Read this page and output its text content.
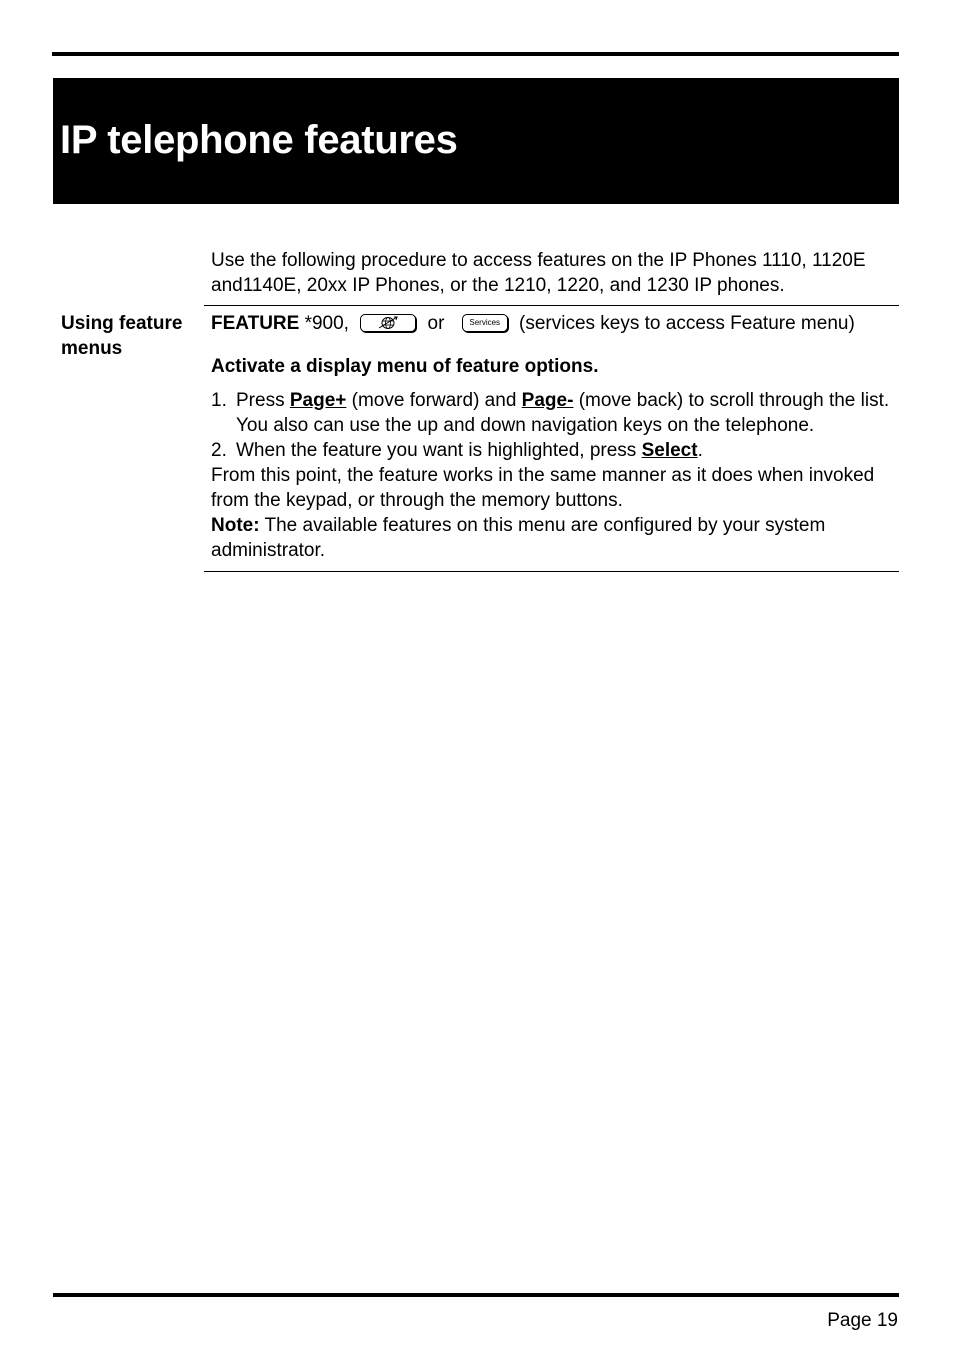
IP telephone features
Use the following procedure to access features on the IP Phones 1110, 1120E and1140E, 20xx IP Phones, or the 1210, 1220, and 1230 IP phones.
Using feature menus
FEATURE *900,	or	Services (services keys to access Feature menu)
Activate a display menu of feature options.
1. Press Page+ (move forward) and Page- (move back) to scroll through the list. You also can use the up and down navigation keys on the telephone.
2. When the feature you want is highlighted, press Select.
From this point, the feature works in the same manner as it does when invoked from the keypad, or through the memory buttons.
Note: The available features on this menu are configured by your system administrator.
Page 19
